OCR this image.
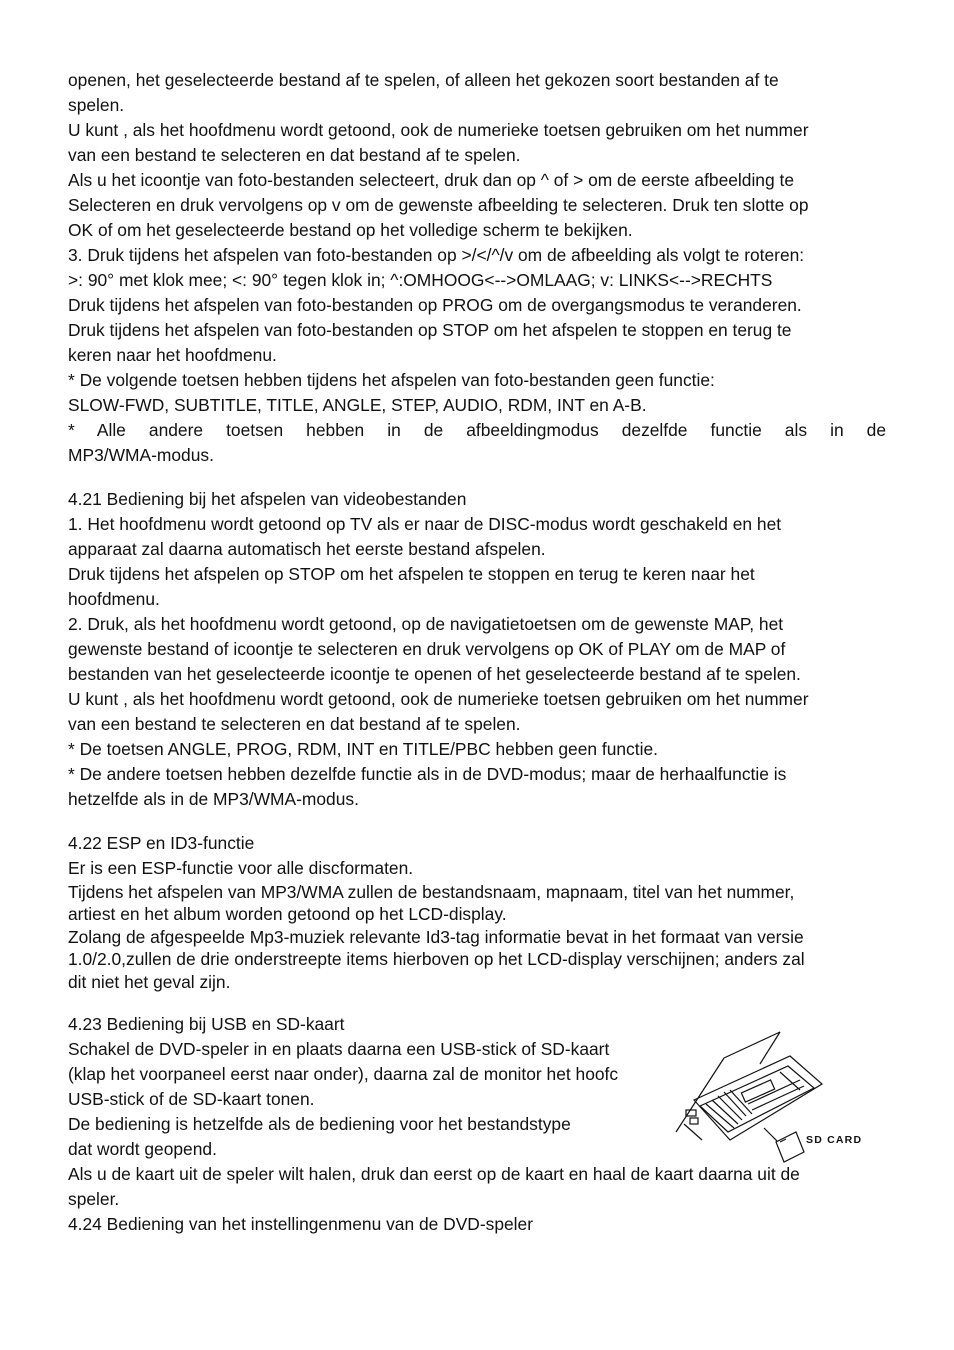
openen, het geselecteerde bestand af te spelen, of alleen het gekozen soort bestanden af te
spelen.
U kunt , als het hoofdmenu wordt getoond, ook de numerieke toetsen gebruiken om het nummer
van een bestand te selecteren en dat bestand af te spelen.
Als u het icoontje van foto-bestanden selecteert, druk dan op ^ of > om de eerste afbeelding te
Selecteren en druk vervolgens op v om de gewenste afbeelding te selecteren. Druk ten slotte op
OK of om het geselecteerde bestand op het volledige scherm te bekijken.
3. Druk tijdens het afspelen van foto-bestanden op >/</^/v om de afbeelding als volgt te roteren:
>: 90° met klok mee; <: 90° tegen klok in; ^:OMHOOG<-->OMLAAG; v: LINKS<-->RECHTS
Druk tijdens het afspelen van foto-bestanden op PROG om de overgangsmodus te veranderen.
Druk tijdens het afspelen van foto-bestanden op STOP om het afspelen te stoppen en terug te
keren naar het hoofdmenu.
* De volgende toetsen hebben tijdens het afspelen van foto-bestanden geen functie:
SLOW-FWD, SUBTITLE, TITLE, ANGLE, STEP, AUDIO, RDM, INT en A-B.
* Alle andere toetsen hebben in de afbeeldingmodus dezelfde functie als in de
MP3/WMA-modus.
4.21 Bediening bij het afspelen van videobestanden
1. Het hoofdmenu wordt getoond op TV als er naar de DISC-modus wordt geschakeld en het
apparaat zal daarna automatisch het eerste bestand afspelen.
Druk tijdens het afspelen op STOP om het afspelen te stoppen en terug te keren naar het
hoofdmenu.
2. Druk, als het hoofdmenu wordt getoond, op de navigatietoetsen om de gewenste MAP, het
gewenste bestand of icoontje te selecteren en druk vervolgens op OK of PLAY om de MAP of
bestanden van het geselecteerde icoontje te openen of het geselecteerde bestand af te spelen.
U kunt , als het hoofdmenu wordt getoond, ook de numerieke toetsen gebruiken om het nummer
van een bestand te selecteren en dat bestand af te spelen.
* De toetsen ANGLE, PROG, RDM, INT en TITLE/PBC hebben geen functie.
* De andere toetsen hebben dezelfde functie als in de DVD-modus; maar de herhaalfunctie is
hetzelfde als in de MP3/WMA-modus.
4.22 ESP en ID3-functie
Er is een ESP-functie voor alle discformaten.
Tijdens het afspelen van MP3/WMA zullen de bestandsnaam, mapnaam, titel van het nummer,
artiest en het album worden getoond op het LCD-display.
Zolang de afgespeelde Mp3-muziek relevante Id3-tag informatie bevat in het formaat van versie
1.0/2.0,zullen de drie onderstreepte items hierboven op het LCD-display verschijnen; anders zal
dit niet het geval zijn.
4.23 Bediening bij USB en SD-kaart
Schakel de DVD-speler in en plaats daarna een USB-stick of SD-kaart
(klap het voorpaneel eerst naar onder), daarna zal de monitor het hoofc
USB-stick of de SD-kaart tonen.
De bediening is hetzelfde als de bediening voor het bestandstype
dat wordt geopend.
Als u de kaart uit de speler wilt halen, druk dan eerst op de kaart en haal de kaart daarna uit de
speler.
4.24 Bediening van het instellingenmenu van de DVD-speler
SD CARD
